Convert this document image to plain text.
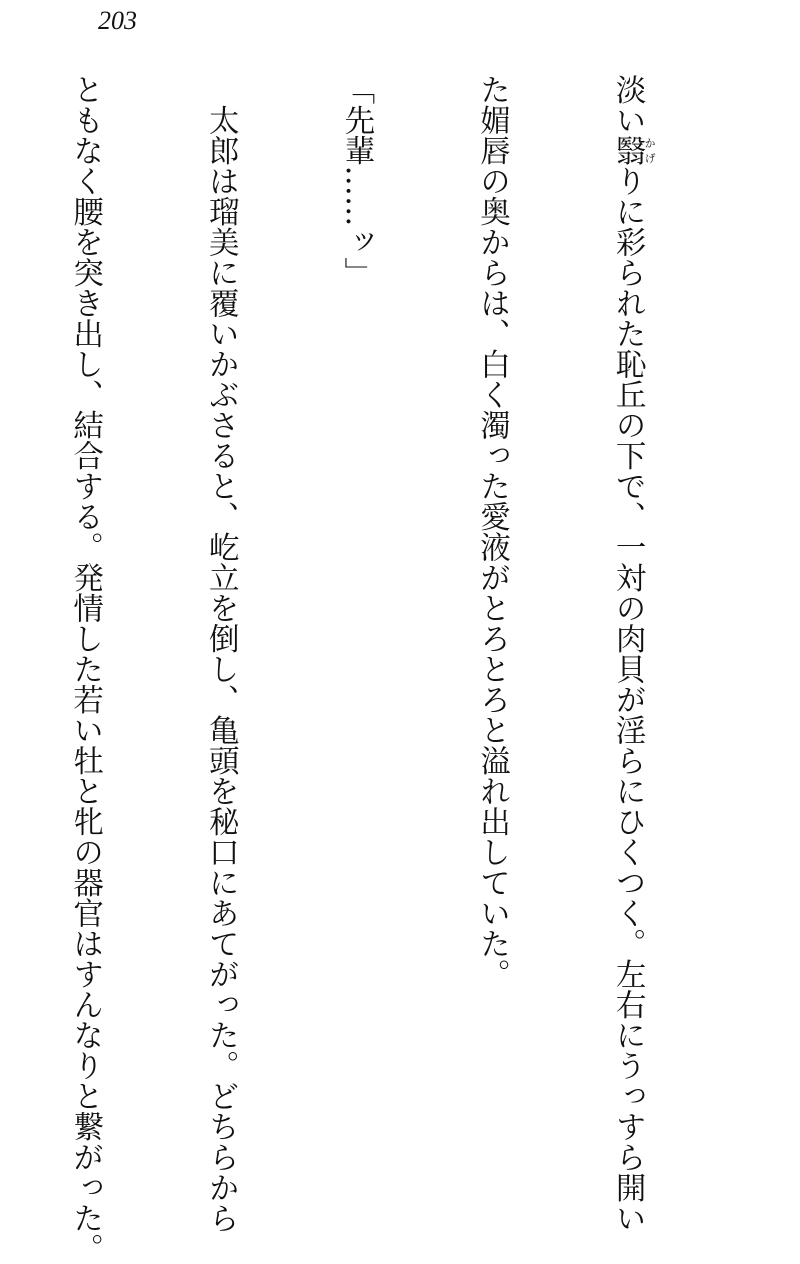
203

淡い翳かげりに彩られた恥丘の下で、一対の肉貝が淫らにひくつく。左右にうっすら開い

た媚唇の奥からは、白く濁った愛液がとろとろと溢れ出していた。

「先輩……ッ」

　太郎は瑠美に覆いかぶさると、屹立を倒し、亀頭を秘口にあてがった。どちらから

ともなく腰を突き出し、結合する。発情した若い牡と牝の器官はすんなりと繋がった。
